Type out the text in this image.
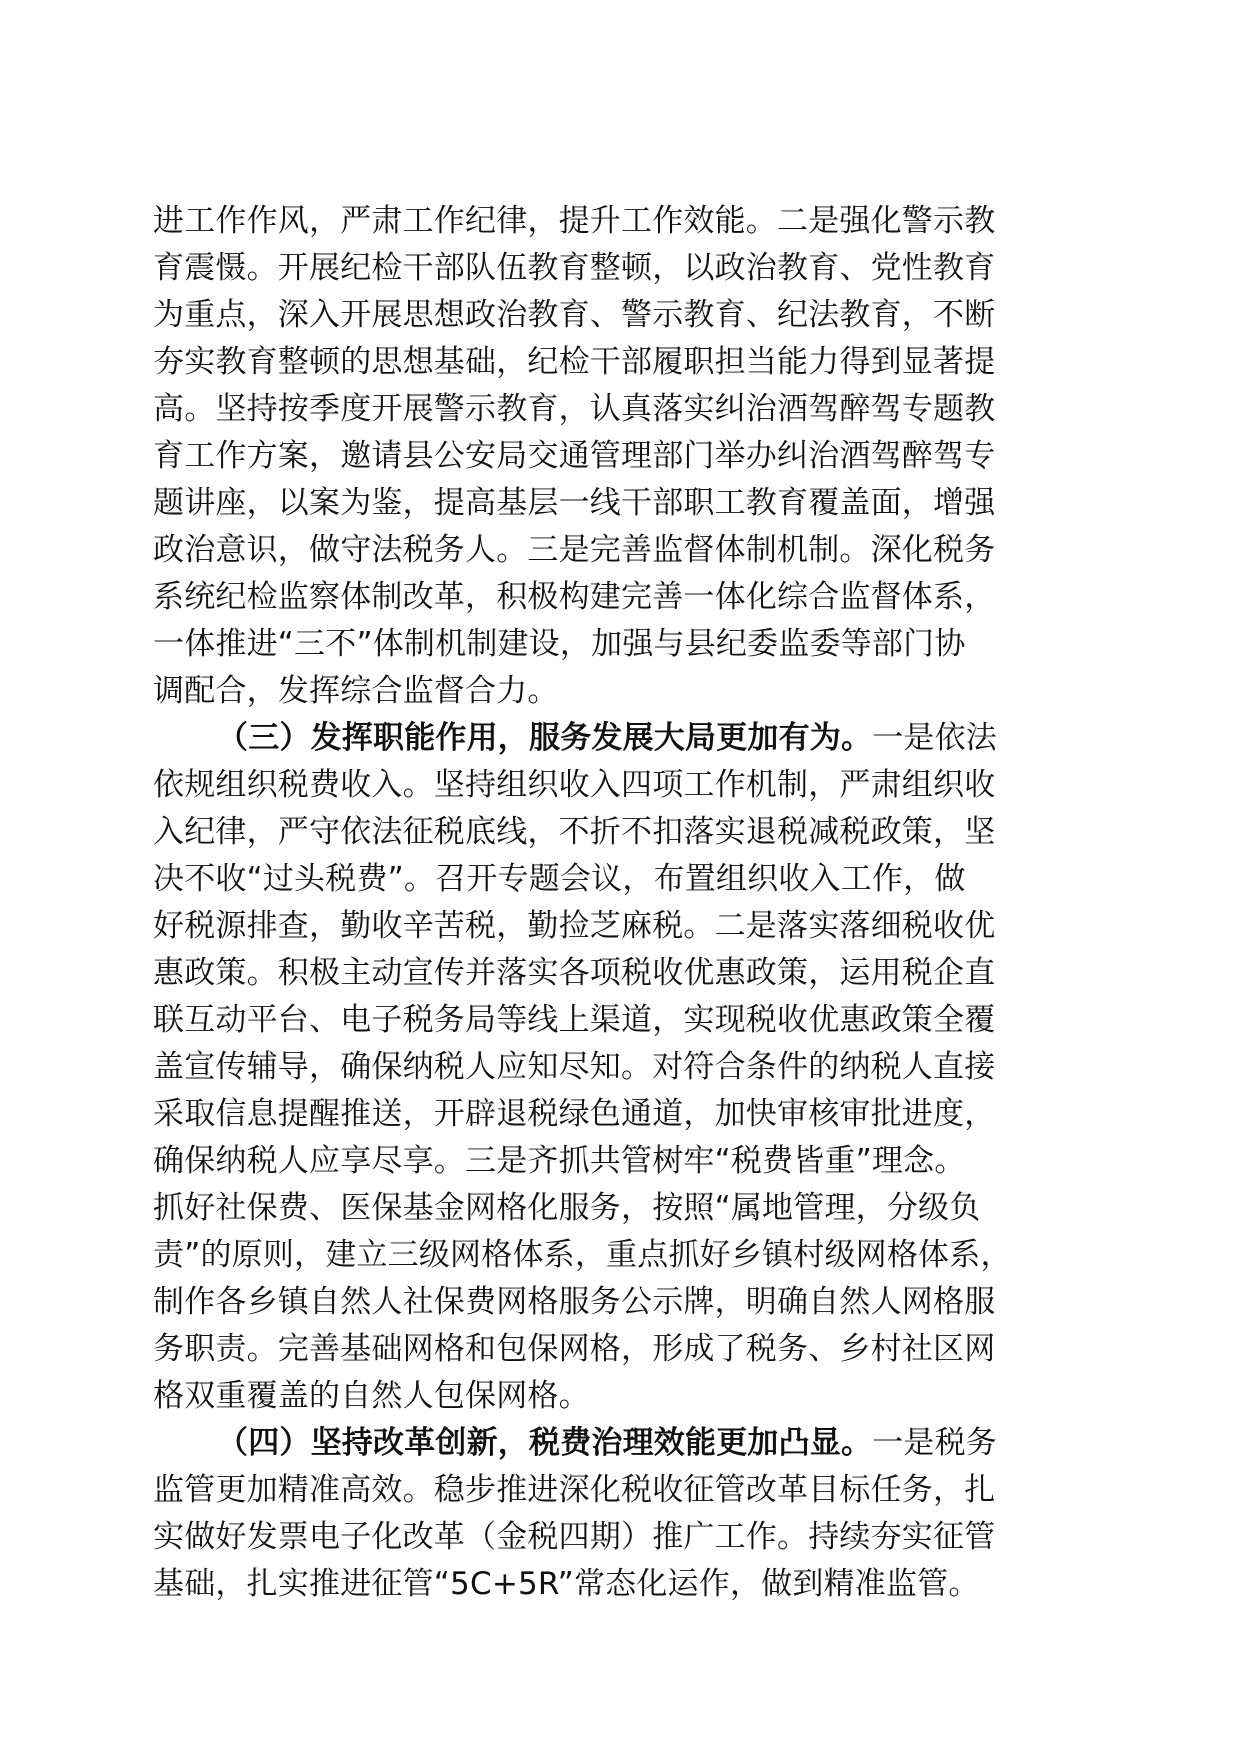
进工作作风，严肃工作纪律，提升工作效能。二是强化警示教
育震慑。开展纪检干部队伍教育整顿，以政治教育、党性教育
为重点，深入开展思想政治教育、警示教育、纪法教育，不断
夯实教育整顿的思想基础，纪检干部履职担当能力得到显著提
高。坚持按季度开展警示教育，认真落实纠治酒驾醉驾专题教
育工作方案，邀请县公安局交通管理部门举办纠治酒驾醉驾专
题讲座，以案为鉴，提高基层一线干部职工教育覆盖面，增强
政治意识，做守法税务人。三是完善监督体制机制。深化税务
系统纪检监察体制改革，积极构建完善一体化综合监督体系，
一体推进“三不”体制机制建设，加强与县纪委监委等部门协
调配合，发挥综合监督合力。
（三）发挥职能作用，服务发展大局更加有为。一是依法
依规组织税费收入。坚持组织收入四项工作机制，严肃组织收
入纪律，严守依法征税底线，不折不扣落实退税减税政策，坚
决不收“过头税费”。召开专题会议，布置组织收入工作，做
好税源排查，勤收辛苦税，勤捡芝麻税。二是落实落细税收优
惠政策。积极主动宣传并落实各项税收优惠政策，运用税企直
联互动平台、电子税务局等线上渠道，实现税收优惠政策全覆
盖宣传辅导，确保纳税人应知尽知。对符合条件的纳税人直接
采取信息提醒推送，开辟退税绿色通道，加快审核审批进度，
确保纳税人应享尽享。三是齐抓共管树牢“税费皆重”理念。
抓好社保费、医保基金网格化服务，按照“属地管理，分级负
责”的原则，建立三级网格体系，重点抓好乡镇村级网格体系，
制作各乡镇自然人社保费网格服务公示牌，明确自然人网格服
务职责。完善基础网格和包保网格，形成了税务、乡村社区网
格双重覆盖的自然人包保网格。
（四）坚持改革创新，税费治理效能更加凸显。一是税务
监管更加精准高效。稳步推进深化税收征管改革目标任务，扎
实做好发票电子化改革（金税四期）推广工作。持续夯实征管
基础，扎实推进征管“5C+5R”常态化运作，做到精准监管。
